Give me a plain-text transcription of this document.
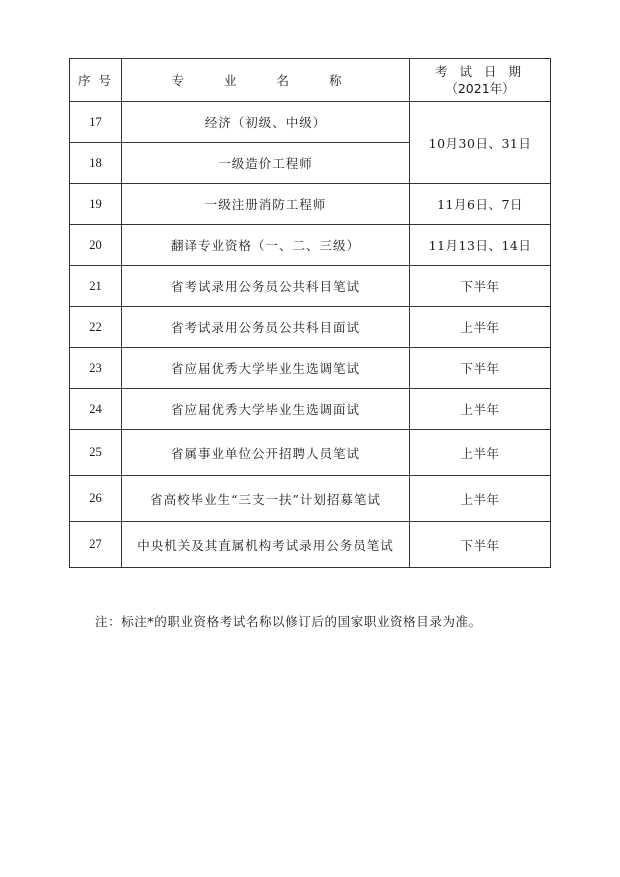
序 号	专 业 名 称	考 试 日 期
（2021年）

17	经济（初级、中级）	10月30日、31日
18	一级造价工程师	
19	一级注册消防工程师	11月6日、7日
20	翻译专业资格（一、二、三级）	11月13日、14日
21	省考试录用公务员公共科目笔试	下半年
22	省考试录用公务员公共科目面试	上半年
23	省应届优秀大学毕业生选调笔试	下半年
24	省应届优秀大学毕业生选调面试	上半年
25	省属事业单位公开招聘人员笔试	上半年
26	省高校毕业生“三支一扶”计划招募笔试	上半年
27	中央机关及其直属机构考试录用公务员笔试	下半年
注：标注*的职业资格考试名称以修订后的国家职业资格目录为准。
